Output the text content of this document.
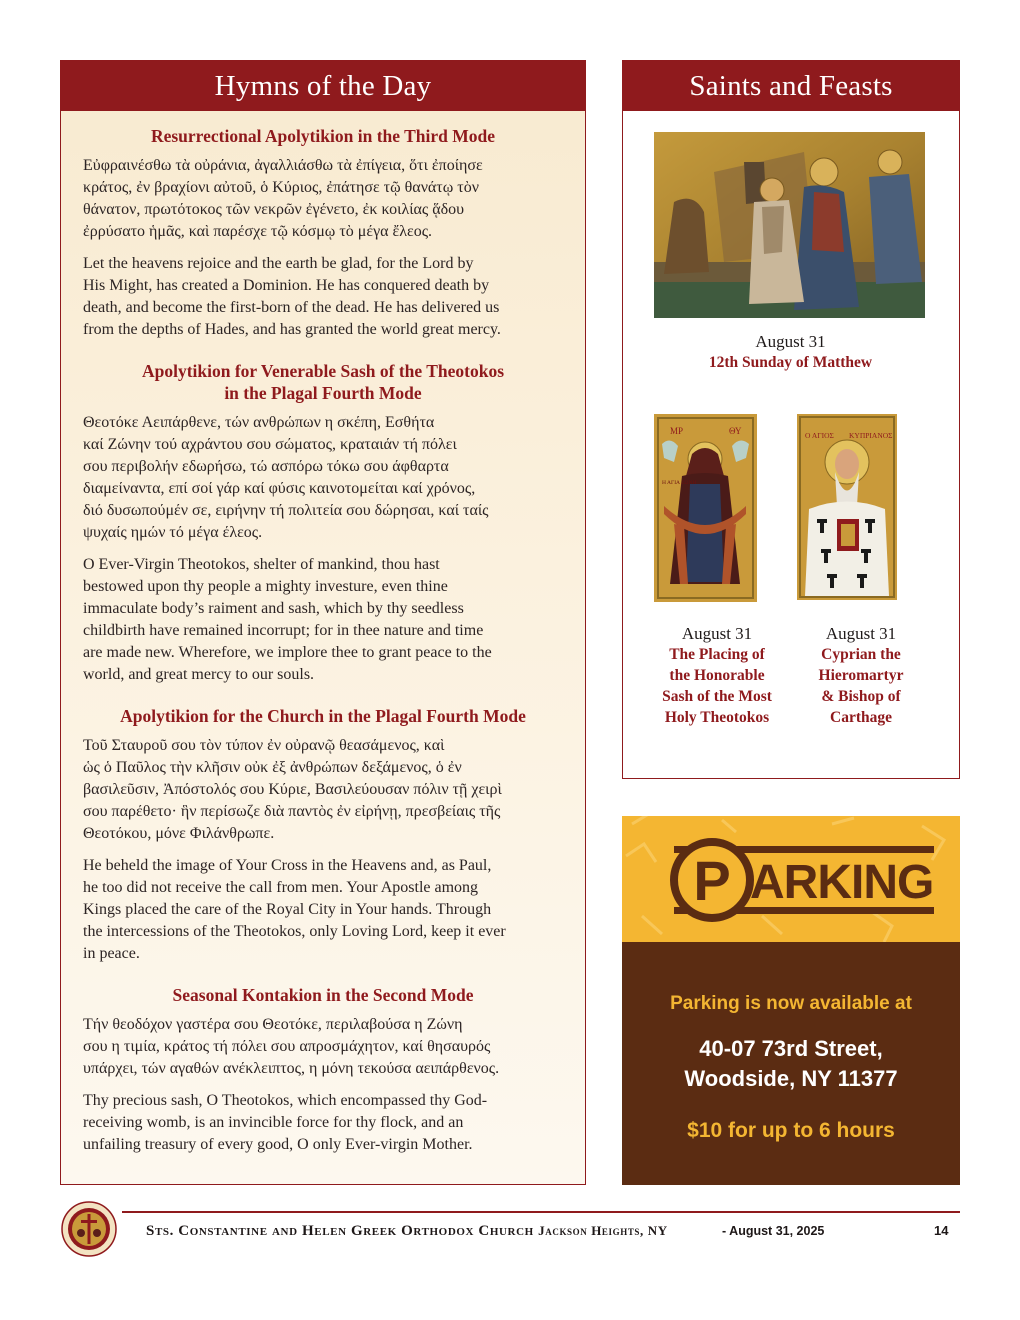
Hymns of the Day
Resurrectional Apolytikion in the Third Mode

Εὐφραινέσθω τὰ οὐράνια, ἀγαλλιάσθω τὰ ἐπίγεια, ὅτι ἐποίησε
κράτος, ἐν βραχίονι αὐτοῦ, ὁ Κύριος, ἐπάτησε τῷ θανάτῳ τὸν
θάνατον, πρωτότοκος τῶν νεκρῶν ἐγένετο, ἐκ κοιλίας ᾅδου
ἐρρύσατο ἡμᾶς, καὶ παρέσχε τῷ κόσμῳ τὸ μέγα ἔλεος.

Let the heavens rejoice and the earth be glad, for the Lord by
His Might, has created a Dominion. He has conquered death by
death, and become the first-born of the dead. He has delivered us
from the depths of Hades, and has granted the world great mercy.

Apolytikion for Venerable Sash of the Theotokos
in the Plagal Fourth Mode

Θεοτόκε Αειπάρθενε, τών ανθρώπων η σκέπη, Εσθήτα
καί Ζώνην τού αχράντου σου σώματος, κραταιάν τή πόλει
σου περιβολήν εδωρήσω, τώ ασπόρω τόκω σου άφθαρτα
διαμείναντα, επί σοί γάρ καί φύσις καινοτομείται καί χρόνος,
διό δυσωπούμέν σε, ειρήνην τή πολιτεία σου δώρησαι, καί ταίς
ψυχαίς ημών τό μέγα έλεος.

O Ever-Virgin Theotokos, shelter of mankind, thou hast
bestowed upon thy people a mighty investure, even thine
immaculate body’s raiment and sash, which by thy seedless
childbirth have remained incorrupt; for in thee nature and time
are made new. Wherefore, we implore thee to grant peace to the
world, and great mercy to our souls.

Apolytikion for the Church in the Plagal Fourth Mode

Τοῦ Σταυροῦ σου τὸν τύπον ἐν οὐρανῷ θεασάμενος, καὶ
ὡς ὁ Παῦλος τὴν κλῆσιν οὐκ ἐξ ἀνθρώπων δεξάμενος, ὁ ἐν
βασιλεῦσιν, Ἀπόστολός σου Κύριε, Βασιλεύουσαν πόλιν τῇ χειρὶ
σου παρέθετο· ἣν περίσωζε διὰ παντὸς ἐν εἰρήνῃ, πρεσβείαις τῆς
Θεοτόκου, μόνε Φιλάνθρωπε.

He beheld the image of Your Cross in the Heavens and, as Paul,
he too did not receive the call from men. Your Apostle among
Kings placed the care of the Royal City in Your hands. Through
the intercessions of the Theotokos, only Loving Lord, keep it ever
in peace.

Seasonal Kontakion in the Second Mode

Τήν θεοδόχον γαστέρα σου Θεοτόκε, περιλαβούσα η Ζώνη
σου η τιμία, κράτος τή πόλει σου απροσμάχητον, καί θησαυρός
υπάρχει, τών αγαθών ανέκλειπτος, η μόνη τεκούσα αειπάρθενος.

Thy precious sash, O Theotokos, which encompassed thy God-
receiving womb, is an invincible force for thy flock, and an
unfailing treasury of every good, O only Ever-virgin Mother.

Saints and Feasts
August 31
12th Sunday of Matthew
ΜΡ	ΘΥ
Η ΑΓΙΑ ΖΩΝΗ
August 31
The Placing of
the Honorable
Sash of the Most
Holy Theotokos
Ο ΑΓΙΟΣ ΚΥΠΡΙΑΝΟΣ
August 31
Cyprian the
Hieromartyr
& Bishop of
Carthage
P ARKING
Parking is now available at
40-07 73rd Street,
Woodside, NY 11377
$10 for up to 6 hours
Sts. Constantine and Helen Greek Orthodox Church Jackson Heights, NY	- August 31, 2025	14
